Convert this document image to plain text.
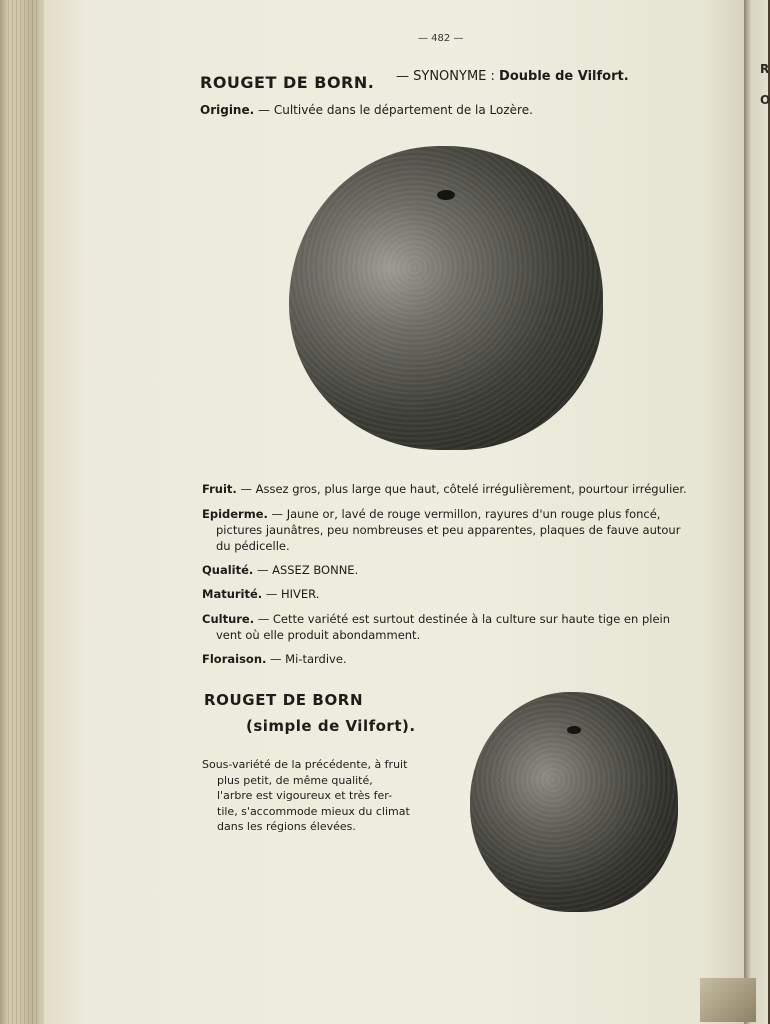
R
O
— 482 —
ROUGET DE BORN. — SYNONYME : Double de Vilfort.
Origine. — Cultivée dans le département de la Lozère.
Fruit. — Assez gros, plus large que haut, côtelé irrégulièrement, pourtour irrégulier.
Epiderme. — Jaune or, lavé de rouge vermillon, rayures d'un rouge plus foncé,
pictures jaunâtres, peu nombreuses et peu apparentes, plaques de fauve autour
du pédicelle.
Qualité. — ASSEZ BONNE.
Maturité. — HIVER.
Culture. — Cette variété est surtout destinée à la culture sur haute tige en plein
vent où elle produit abondamment.
Floraison. — Mi-tardive.
ROUGET DE BORN
(simple de Vilfort).
Sous-variété de la précédente, à fruit
plus petit, de même qualité,
l'arbre est vigoureux et très fer-
tile, s'accommode mieux du climat
dans les régions élevées.
